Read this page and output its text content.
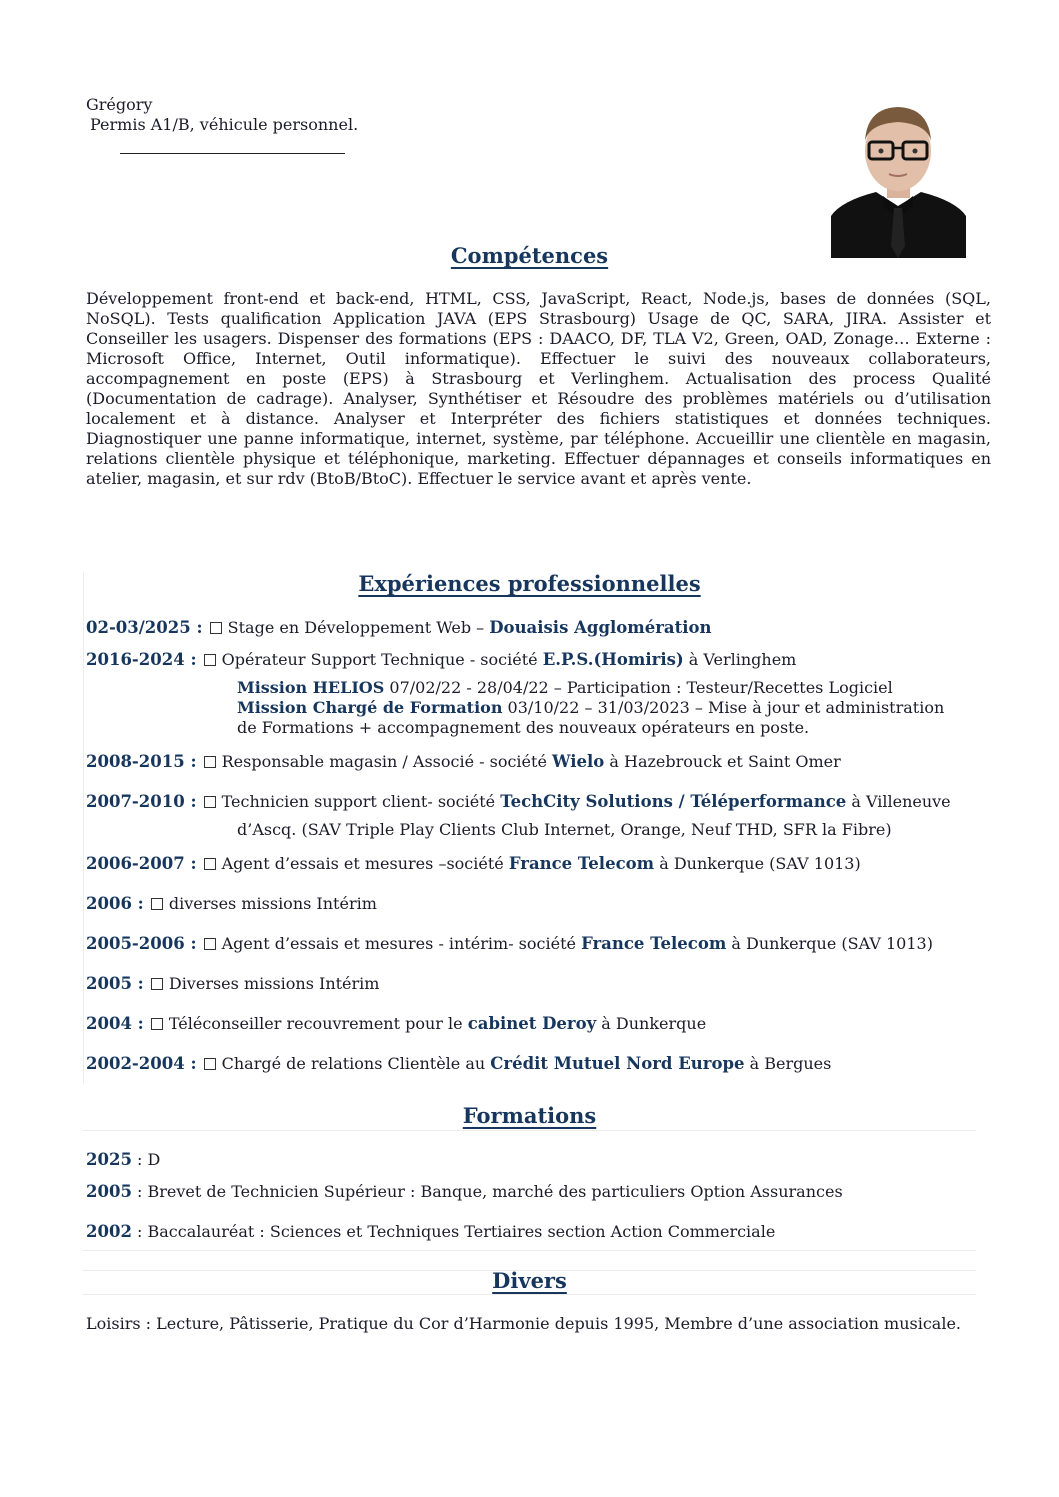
Grégory
Permis A1/B, véhicule personnel.
Compétences
Développement front-end et back-end, HTML, CSS, JavaScript, React, Node.js, bases de données (SQL, NoSQL). Tests qualification Application JAVA (EPS Strasbourg) Usage de QC, SARA, JIRA. Assister et Conseiller les usagers. Dispenser des formations (EPS : DAACO, DF, TLA V2, Green, OAD, Zonage… Externe : Microsoft Office, Internet, Outil informatique). Effectuer le suivi des nouveaux collaborateurs, accompagnement en poste (EPS) à Strasbourg et Verlinghem. Actualisation des process Qualité (Documentation de cadrage). Analyser, Synthétiser et Résoudre des problèmes matériels ou d’utilisation localement et à distance. Analyser et Interpréter des fichiers statistiques et données techniques. Diagnostiquer une panne informatique, internet, système, par téléphone. Accueillir une clientèle en magasin, relations clientèle physique et téléphonique, marketing. Effectuer dépannages et conseils informatiques en atelier, magasin, et sur rdv (BtoB/BtoC). Effectuer le service avant et après vente.
Expériences professionnelles
02-03/2025 : Stage en Développement Web – Douaisis Agglomération
2016-2024 : Opérateur Support Technique - société E.P.S.(Homiris) à Verlinghem
Mission HELIOS 07/02/22 - 28/04/22 – Participation : Testeur/Recettes Logiciel
Mission Chargé de Formation 03/10/22 – 31/03/2023 – Mise à jour et administration
de Formations + accompagnement des nouveaux opérateurs en poste.
2008-2015 : Responsable magasin / Associé - société Wielo à Hazebrouck et Saint Omer
2007-2010 : Technicien support client- société TechCity Solutions / Téléperformance à Villeneuve
d’Ascq. (SAV Triple Play Clients Club Internet, Orange, Neuf THD, SFR la Fibre)
2006-2007 : Agent d’essais et mesures –société France Telecom à Dunkerque (SAV 1013)
2006 : diverses missions Intérim
2005-2006 : Agent d’essais et mesures - intérim- société France Telecom à Dunkerque (SAV 1013)
2005 : Diverses missions Intérim
2004 : Téléconseiller recouvrement pour le cabinet Deroy à Dunkerque
2002-2004 : Chargé de relations Clientèle au Crédit Mutuel Nord Europe à Bergues
Formations
2025 : D
2005 : Brevet de Technicien Supérieur : Banque, marché des particuliers Option Assurances
2002 : Baccalauréat : Sciences et Techniques Tertiaires section Action Commerciale
Divers
Loisirs : Lecture, Pâtisserie, Pratique du Cor d’Harmonie depuis 1995, Membre d’une association musicale.
